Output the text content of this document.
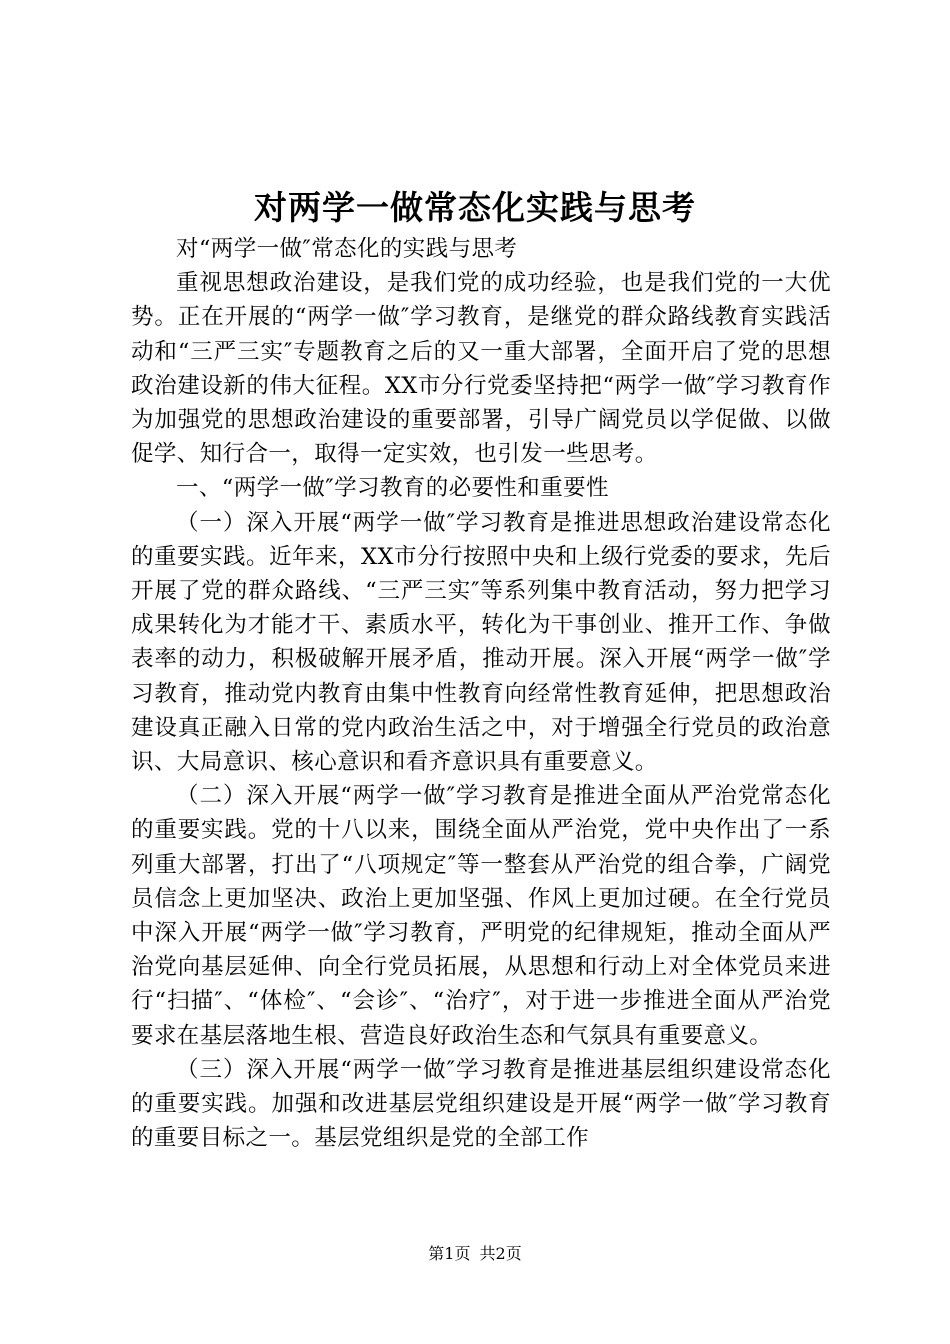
对两学一做常态化实践与思考

对“两学一做″常态化的实践与思考

重视思想政治建设，是我们党的成功经验，也是我们党的一大优势。正在开展的“两学一做″学习教育，是继党的群众路线教育实践活动和“三严三实″专题教育之后的又一重大部署，全面开启了党的思想政治建设新的伟大征程。XX市分行党委坚持把“两学一做″学习教育作为加强党的思想政治建设的重要部署，引导广阔党员以学促做、以做促学、知行合一，取得一定实效，也引发一些思考。

一、“两学一做″学习教育的必要性和重要性

（一）深入开展“两学一做″学习教育是推进思想政治建设常态化的重要实践。近年来，XX市分行按照中央和上级行党委的要求，先后开展了党的群众路线、“三严三实″等系列集中教育活动，努力把学习成果转化为才能才干、素质水平，转化为干事创业、推开工作、争做表率的动力，积极破解开展矛盾，推动开展。深入开展“两学一做″学习教育，推动党内教育由集中性教育向经常性教育延伸，把思想政治建设真正融入日常的党内政治生活之中，对于增强全行党员的政治意识、大局意识、核心意识和看齐意识具有重要意义。

（二）深入开展“两学一做″学习教育是推进全面从严治党常态化的重要实践。党的十八以来，围绕全面从严治党，党中央作出了一系列重大部署，打出了“八项规定″等一整套从严治党的组合拳，广阔党员信念上更加坚决、政治上更加坚强、作风上更加过硬。在全行党员中深入开展“两学一做″学习教育，严明党的纪律规矩，推动全面从严治党向基层延伸、向全行党员拓展，从思想和行动上对全体党员来进行“扫描″、“体检″、“会诊″、“治疗″，对于进一步推进全面从严治党要求在基层落地生根、营造良好政治生态和气氛具有重要意义。

（三）深入开展“两学一做″学习教育是推进基层组织建设常态化的重要实践。加强和改进基层党组织建设是开展“两学一做″学习教育的重要目标之一。基层党组织是党的全部工作

第1页 共2页
